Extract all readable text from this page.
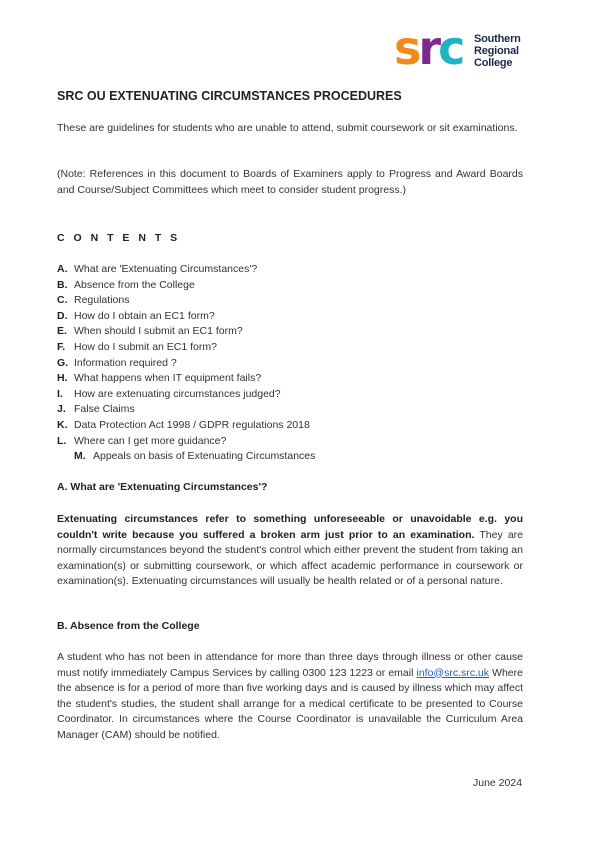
src Southern
Regional
College
SRC OU EXTENUATING CIRCUMSTANCES PROCEDURES
These are guidelines for students who are unable to attend, submit coursework or sit examinations.
(Note: References in this document to Boards of Examiners apply to Progress and Award Boards and Course/Subject Committees which meet to consider student progress.)
C O N T E N T S
A. What are 'Extenuating Circumstances'?
B. Absence from the College
C. Regulations
D. How do I obtain an EC1 form?
E. When should I submit an EC1 form?
F. How do I submit an EC1 form?
G. Information required ?
H. What happens when IT equipment fails?
I. How are extenuating circumstances judged?
J. False Claims
K. Data Protection Act 1998 / GDPR regulations 2018
L. Where can I get more guidance?
M. Appeals on basis of Extenuating Circumstances
A. What are 'Extenuating Circumstances'?
Extenuating circumstances refer to something unforeseeable or unavoidable e.g. you couldn't write because you suffered a broken arm just prior to an examination. They are normally circumstances beyond the student's control which either prevent the student from taking an examination(s) or submitting coursework, or which affect academic performance in coursework or examination(s). Extenuating circumstances will usually be health related or of a personal nature.
B. Absence from the College
A student who has not been in attendance for more than three days through illness or other cause must notify immediately Campus Services by calling 0300 123 1223 or email info@src.src.uk Where the absence is for a period of more than five working days and is caused by illness which may affect the student's studies, the student shall arrange for a medical certificate to be presented to Course Coordinator. In circumstances where the Course Coordinator is unavailable the Curriculum Area Manager (CAM) should be notified.
June 2024
